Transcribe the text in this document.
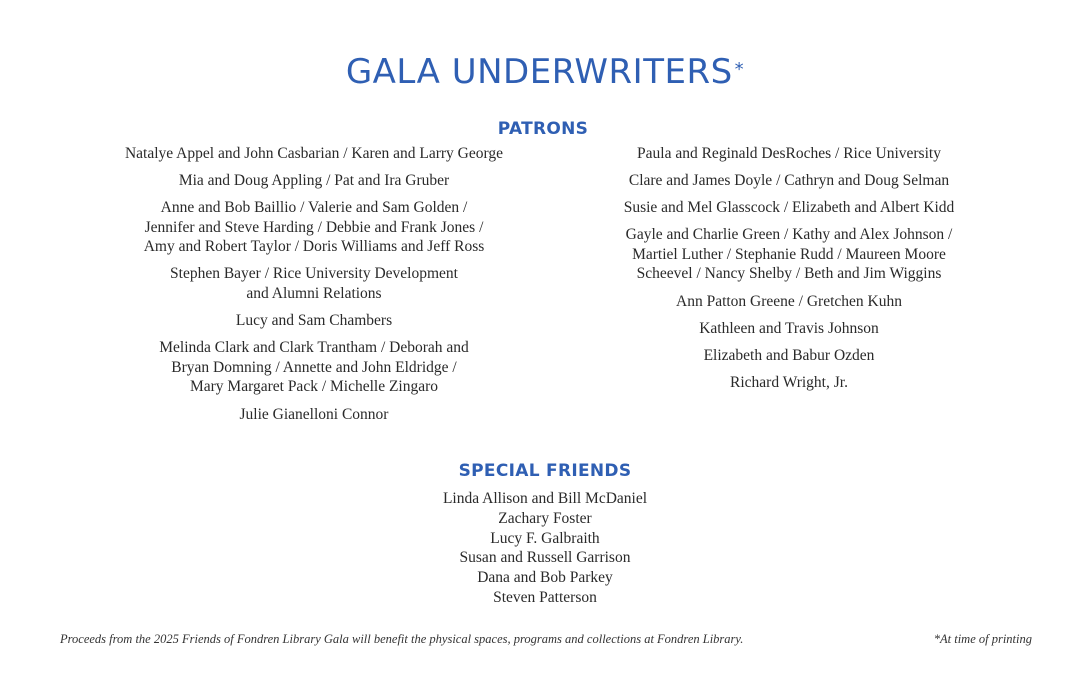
GALA UNDERWRITERS *
PATRONS

Natalye Appel and John Casbarian / Karen and Larry George

Mia and Doug Appling / Pat and Ira Gruber

Anne and Bob Baillio / Valerie and Sam Golden /
Jennifer and Steve Harding / Debbie and Frank Jones /
Amy and Robert Taylor / Doris Williams and Jeff Ross

Stephen Bayer / Rice University Development
and Alumni Relations

Lucy and Sam Chambers

Melinda Clark and Clark Trantham / Deborah and
Bryan Domning / Annette and John Eldridge /
Mary Margaret Pack / Michelle Zingaro

Julie Gianelloni Connor

Paula and Reginald DesRoches / Rice University

Clare and James Doyle / Cathryn and Doug Selman

Susie and Mel Glasscock / Elizabeth and Albert Kidd

Gayle and Charlie Green / Kathy and Alex Johnson /
Martiel Luther / Stephanie Rudd / Maureen Moore
Scheevel / Nancy Shelby / Beth and Jim Wiggins

Ann Patton Greene / Gretchen Kuhn

Kathleen and Travis Johnson

Elizabeth and Babur Ozden

Richard Wright, Jr.

SPECIAL FRIENDS
Linda Allison and Bill McDaniel
Zachary Foster
Lucy F. Galbraith
Susan and Russell Garrison
Dana and Bob Parkey
Steven Patterson
Proceeds from the 2025 Friends of Fondren Library Gala will benefit the physical spaces, programs and collections at Fondren Library.	*At time of printing
